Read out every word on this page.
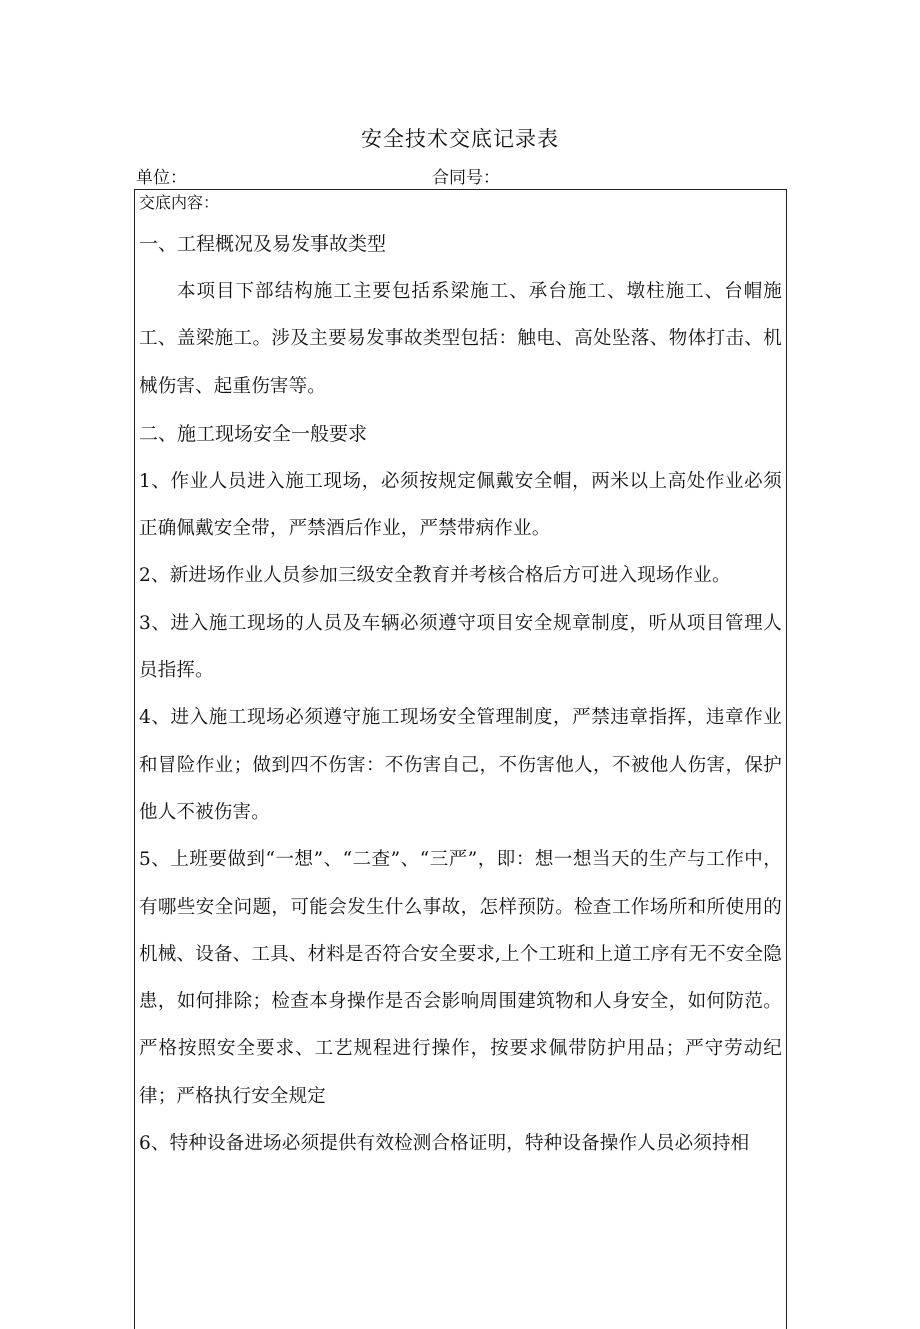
安全技术交底记录表
单位：	合同号：

交底内容：

一、工程概况及易发事故类型

本项目下部结构施工主要包括系梁施工、承台施工、墩柱施工、台帽施工、盖梁施工。涉及主要易发事故类型包括：触电、高处坠落、物体打击、机械伤害、起重伤害等。

二、施工现场安全一般要求

1、作业人员进入施工现场，必须按规定佩戴安全帽，两米以上高处作业必须正确佩戴安全带，严禁酒后作业，严禁带病作业。

2、新进场作业人员参加三级安全教育并考核合格后方可进入现场作业。

3、进入施工现场的人员及车辆必须遵守项目安全规章制度，听从项目管理人员指挥。

4、进入施工现场必须遵守施工现场安全管理制度，严禁违章指挥，违章作业和冒险作业；做到四不伤害：不伤害自己，不伤害他人，不被他人伤害，保护他人不被伤害。

5、上班要做到“一想”、“二查”、“三严”，即：想一想当天的生产与工作中，有哪些安全问题，可能会发生什么事故，怎样预防。检查工作场所和所使用的机械、设备、工具、材料是否符合安全要求,上个工班和上道工序有无不安全隐患，如何排除；检查本身操作是否会影响周围建筑物和人身安全，如何防范。严格按照安全要求、工艺规程进行操作，按要求佩带防护用品；严守劳动纪律；严格执行安全规定

6、特种设备进场必须提供有效检测合格证明，特种设备操作人员必须持相
